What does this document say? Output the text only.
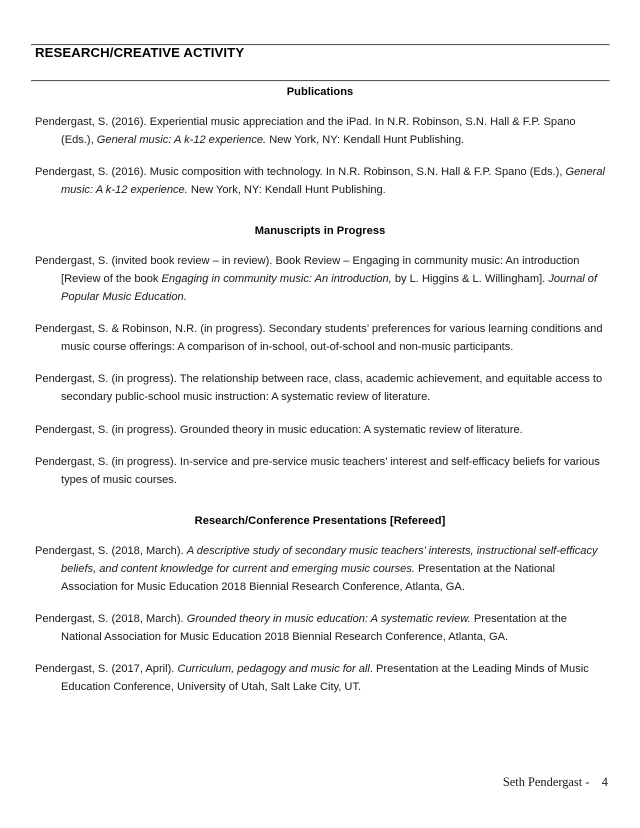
RESEARCH/CREATIVE ACTIVITY
Publications

Pendergast, S. (2016). Experiential music appreciation and the iPad. In N.R. Robinson, S.N. Hall & F.P. Spano (Eds.), General music: A k-12 experience. New York, NY: Kendall Hunt Publishing.

Pendergast, S. (2016). Music composition with technology. In N.R. Robinson, S.N. Hall & F.P. Spano (Eds.), General music: A k-12 experience. New York, NY: Kendall Hunt Publishing.

Manuscripts in Progress

Pendergast, S. (invited book review – in review). Book Review – Engaging in community music: An introduction [Review of the book Engaging in community music: An introduction, by L. Higgins & L. Willingham]. Journal of Popular Music Education.

Pendergast, S. & Robinson, N.R. (in progress). Secondary students’ preferences for various learning conditions and music course offerings: A comparison of in-school, out-of-school and non-music participants.

Pendergast, S. (in progress). The relationship between race, class, academic achievement, and equitable access to secondary public-school music instruction: A systematic review of literature.

Pendergast, S. (in progress). Grounded theory in music education: A systematic review of literature.

Pendergast, S. (in progress). In-service and pre-service music teachers’ interest and self-efficacy beliefs for various types of music courses.

Research/Conference Presentations [Refereed]

Pendergast, S. (2018, March). A descriptive study of secondary music teachers’ interests, instructional self-efficacy beliefs, and content knowledge for current and emerging music courses. Presentation at the National Association for Music Education 2018 Biennial Research Conference, Atlanta, GA.

Pendergast, S. (2018, March). Grounded theory in music education: A systematic review. Presentation at the National Association for Music Education 2018 Biennial Research Conference, Atlanta, GA.

Pendergast, S. (2017, April). Curriculum, pedagogy and music for all. Presentation at the Leading Minds of Music Education Conference, University of Utah, Salt Lake City, UT.

Seth Pendergast -    4
